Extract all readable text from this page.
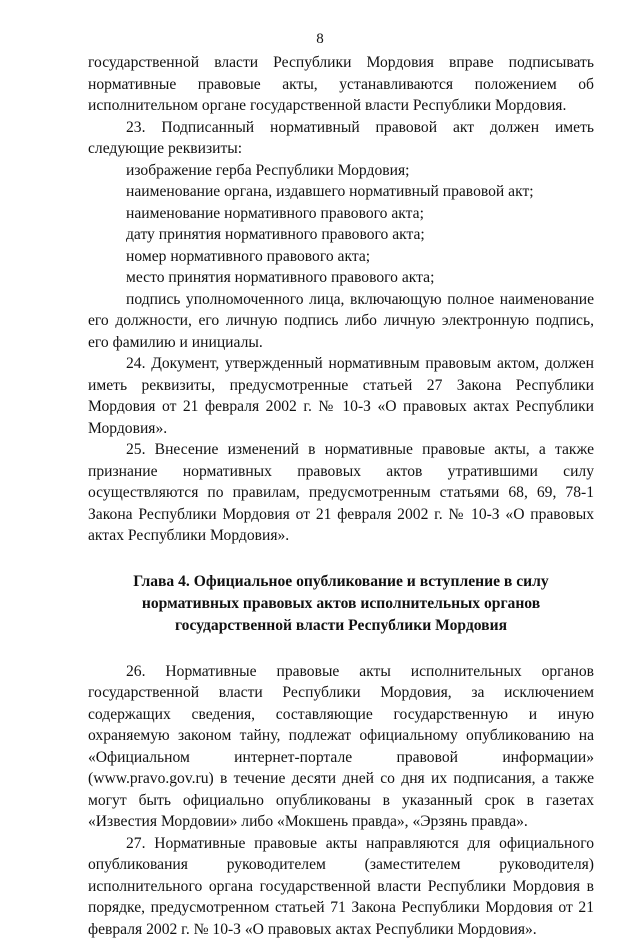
8

государственной власти Республики Мордовия вправе подписывать нормативные правовые акты, устанавливаются положением об исполнительном органе государственной власти Республики Мордовия.

23. Подписанный нормативный правовой акт должен иметь следующие реквизиты:

изображение герба Республики Мордовия;

наименование органа, издавшего нормативный правовой акт;

наименование нормативного правового акта;

дату принятия нормативного правового акта;

номер нормативного правового акта;

место принятия нормативного правового акта;

подпись уполномоченного лица, включающую полное наименование его должности, его личную подпись либо личную электронную подпись, его фамилию и инициалы.

24. Документ, утвержденный нормативным правовым актом, должен иметь реквизиты, предусмотренные статьей 27 Закона Республики Мордовия от 21 февраля 2002 г. № 10-З «О правовых актах Республики Мордовия».

25. Внесение изменений в нормативные правовые акты, а также признание нормативных правовых актов утратившими силу осуществляются по правилам, предусмотренным статьями 68, 69, 78-1 Закона Республики Мордовия от 21 февраля 2002 г. № 10-З «О правовых актах Республики Мордовия».

Глава 4. Официальное опубликование и вступление в силу
нормативных правовых актов исполнительных органов
государственной власти Республики Мордовия

26. Нормативные правовые акты исполнительных органов государственной власти Республики Мордовия, за исключением содержащих сведения, составляющие государственную и иную охраняемую законом тайну, подлежат официальному опубликованию на «Официальном интернет-портале правовой информации» (www.pravo.gov.ru) в течение десяти дней со дня их подписания, а также могут быть официально опубликованы в указанный срок в газетах «Известия Мордовии» либо «Мокшень правда», «Эрзянь правда».

27. Нормативные правовые акты направляются для официального опубликования руководителем (заместителем руководителя) исполнительного органа государственной власти Республики Мордовия в порядке, предусмотренном статьей 71 Закона Республики Мордовия от 21 февраля 2002 г. № 10-З «О правовых актах Республики Мордовия».
